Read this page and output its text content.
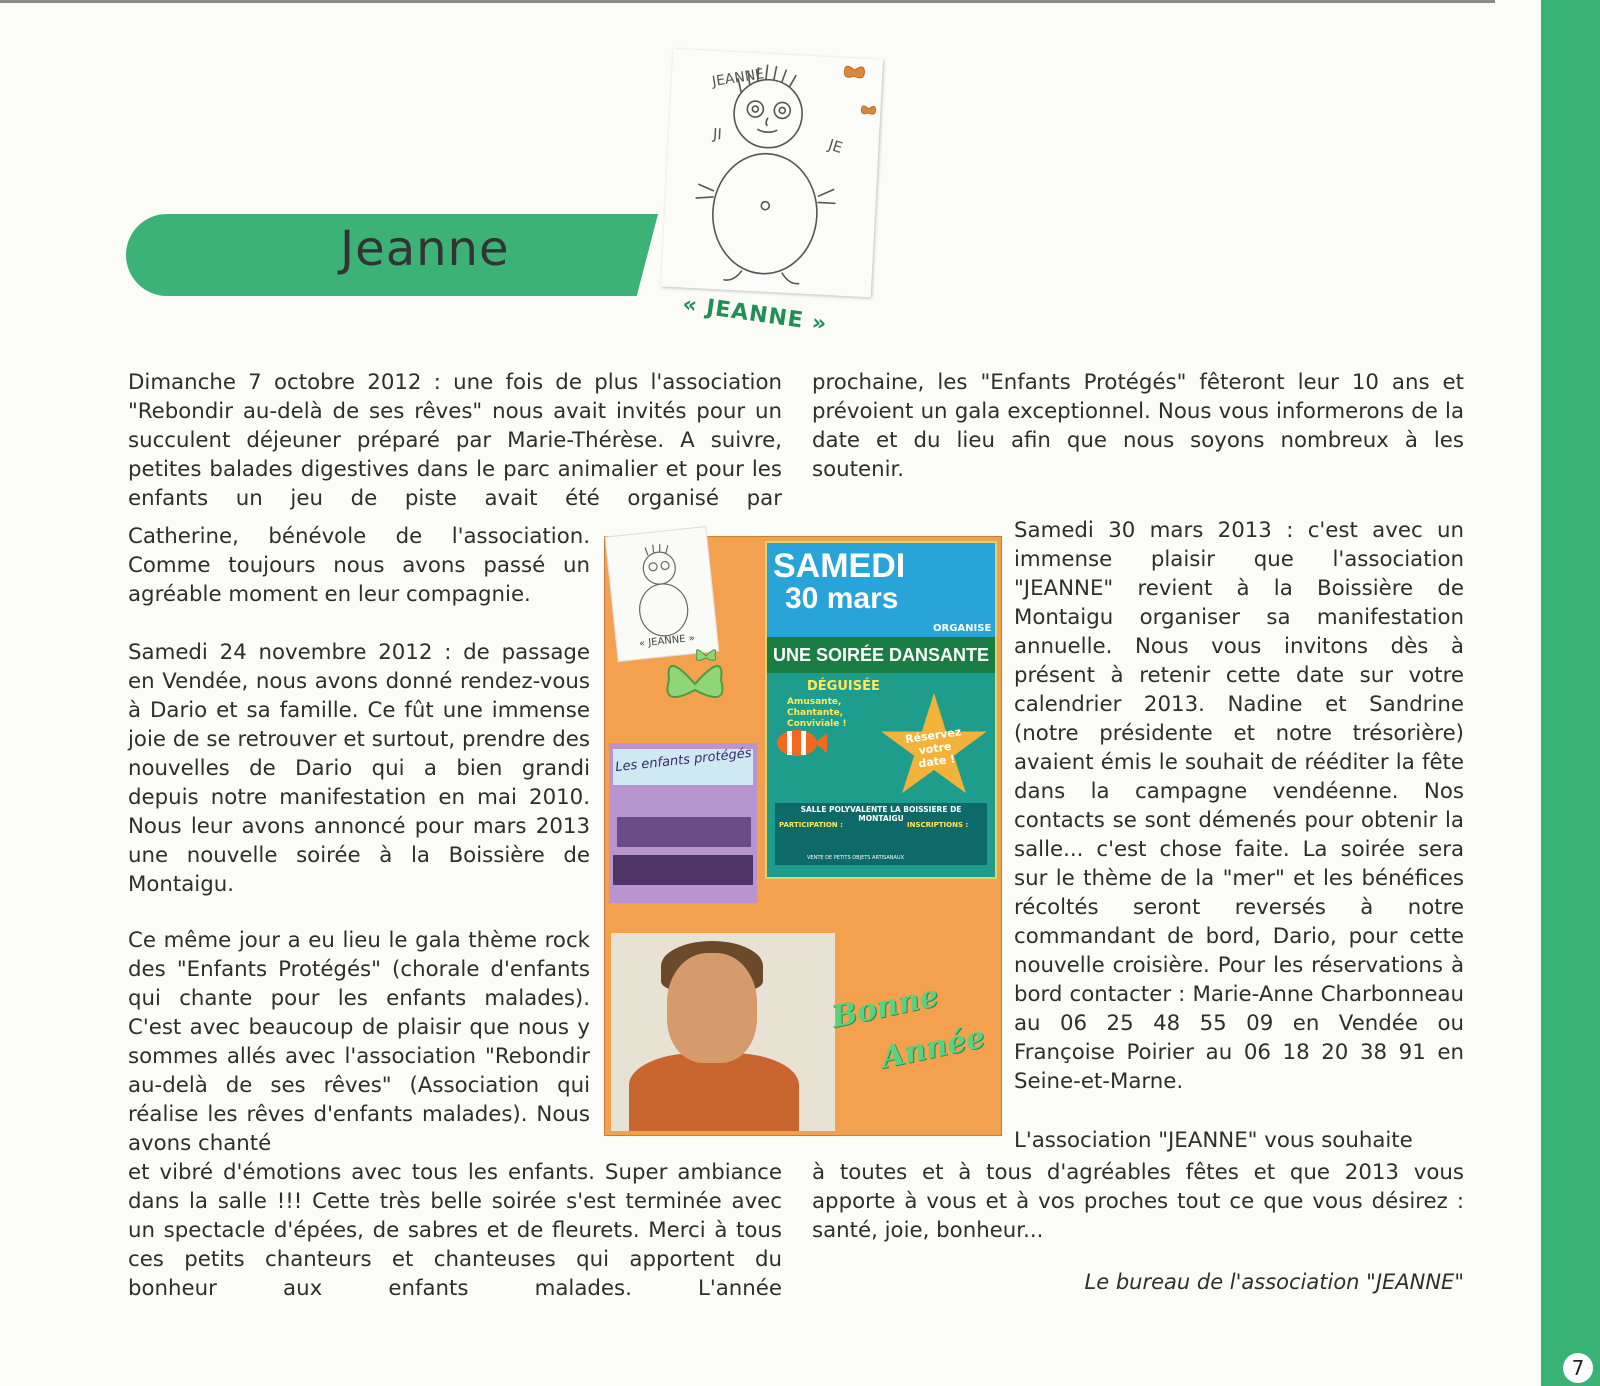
7
Jeanne
JEANNE
JI
JE
« JEANNE »

Dimanche 7 octobre 2012 : une fois de plus l'association "Rebondir au-delà de ses rêves" nous avait invités pour un succulent déjeuner préparé par Marie-Thérèse. A suivre, petites balades digestives dans le parc animalier et pour les enfants un jeu de piste avait été organisé par

Catherine, bénévole de l'association. Comme toujours nous avons passé un agréable moment en leur compagnie.

Samedi 24 novembre 2012 : de passage en Vendée, nous avons donné rendez-vous à Dario et sa famille. Ce fût une immense joie de se retrouver et surtout, prendre des nouvelles de Dario qui a bien grandi depuis notre manifestation en mai 2010. Nous leur avons annoncé pour mars 2013 une nouvelle soirée à la Boissière de Montaigu.

Ce même jour a eu lieu le gala thème rock des "Enfants Protégés" (chorale d'enfants qui chante pour les enfants malades). C'est avec beaucoup de plaisir que nous y sommes allés avec l'association "Rebondir au-delà de ses rêves" (Association qui réalise les rêves d'enfants malades). Nous avons chanté

et vibré d'émotions avec tous les enfants. Super ambiance dans la salle !!! Cette très belle soirée s'est terminée avec un spectacle d'épées, de sabres et de fleurets. Merci à tous ces petits chanteurs et chanteuses qui apportent du bonheur aux enfants malades. L'année

prochaine, les "Enfants Protégés" fêteront leur 10 ans et prévoient un gala exceptionnel. Nous vous informerons de la date et du lieu afin que nous soyons nombreux à les soutenir.

Samedi 30 mars 2013 : c'est avec un immense plaisir que l'association "JEANNE" revient à la Boissière de Montaigu organiser sa manifestation annuelle. Nous vous invitons dès à présent à retenir cette date sur votre calendrier 2013. Nadine et Sandrine (notre présidente et notre trésorière) avaient émis le souhait de rééditer la fête dans la campagne vendéenne. Nos contacts se sont démenés pour obtenir la salle... c'est chose faite. La soirée sera sur le thème de la "mer" et les bénéfices récoltés seront reversés à notre commandant de bord, Dario, pour cette nouvelle croisière. Pour les réservations à bord contacter : Marie-Anne Charbonneau au 06 25 48 55 09 en Vendée ou Françoise Poirier au 06 18 20 38 91 en Seine-et-Marne.

L'association "JEANNE" vous souhaite

à toutes et à tous d'agréables fêtes et que 2013 vous apporte à vous et à vos proches tout ce que vous désirez : santé, joie, bonheur...

Le bureau de l'association "JEANNE"
« JEANNE »
SAMEDI
30 mars
ORGANISE
UNE SOIRÉE DANSANTE
DÉGUISÉE
Amusante, Chantante, Conviviale !
Réservez votre date !
SALLE POLYVALENTE LA BOISSIERE DE MONTAIGU
PARTICIPATION :	INSCRIPTIONS :
VENTE DE PETITS OBJETS ARTISANAUX
Les enfants protégés
Bonne
Année
